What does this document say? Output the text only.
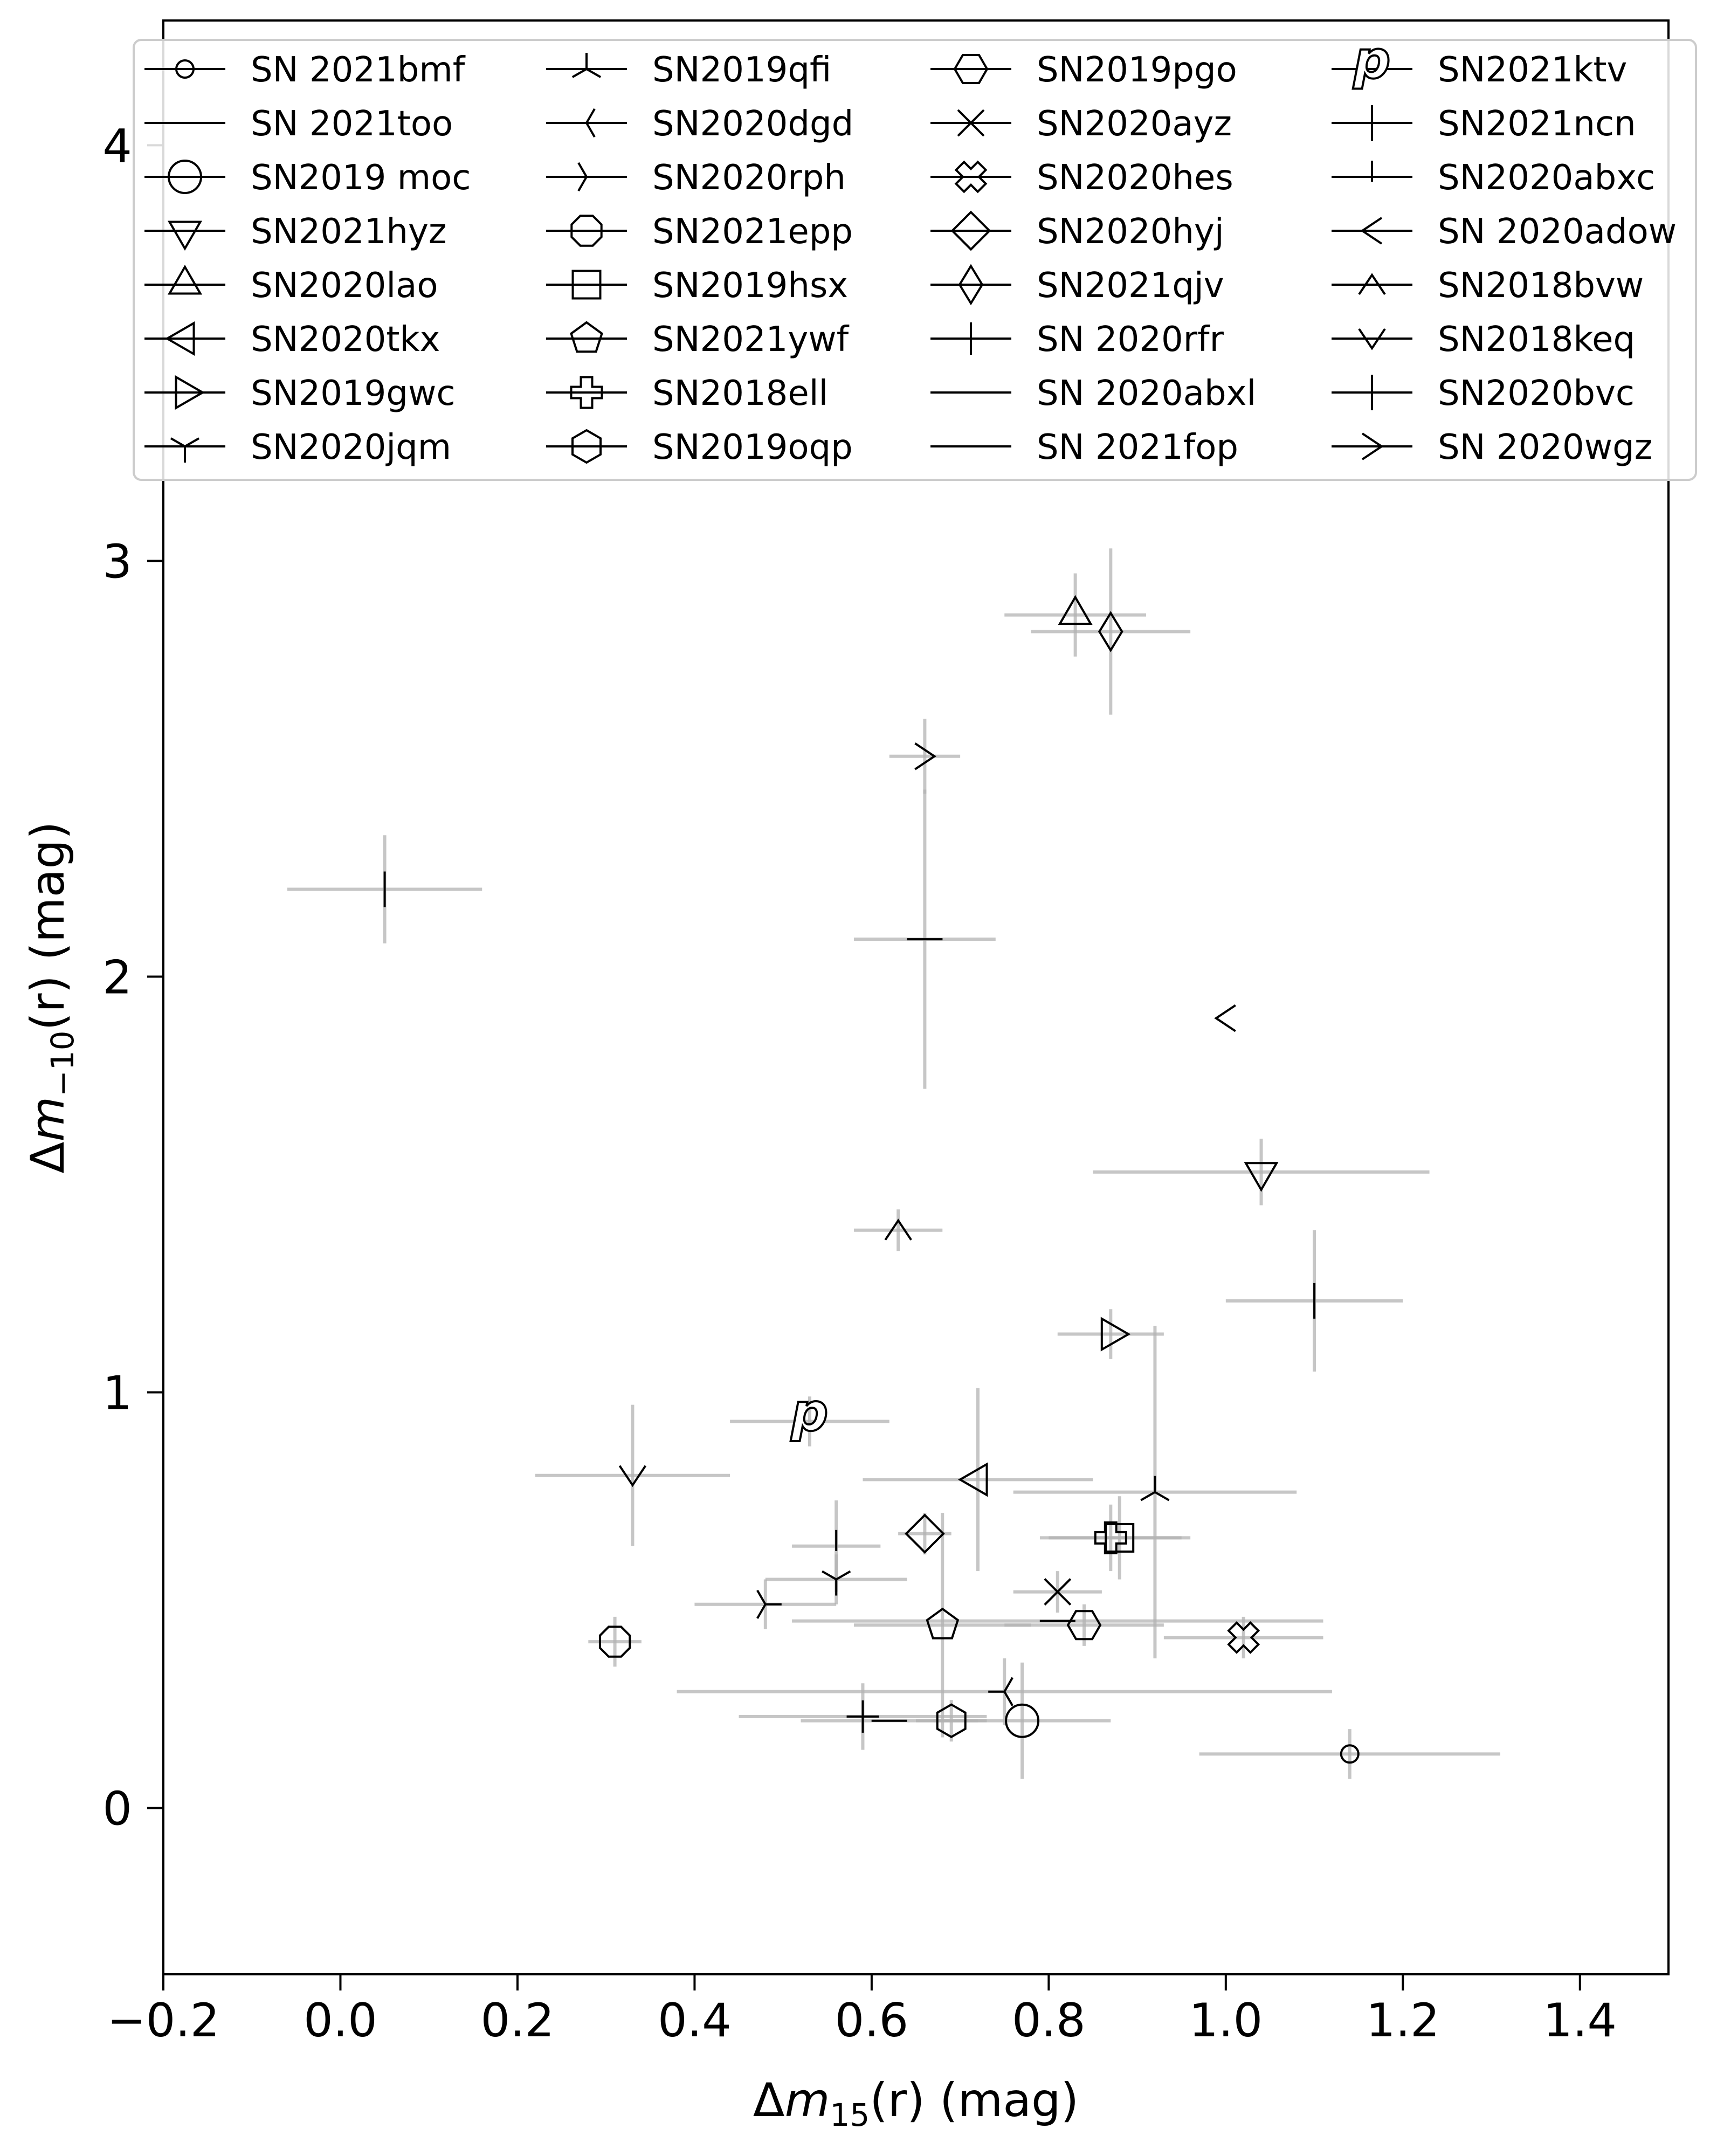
p
−0.2 0.0 0.2 0.4 0.6 0.8 1.0 1.2 1.4
0
1
2
3
4
SN 2021bmf
SN 2021too
SN2019 moc
SN2021hyz
SN2020lao
SN2020tkx
SN2019gwc
SN2020jqm
SN2019qfi
SN2020dgd
SN2020rph
SN2021epp
SN2019hsx
SN2021ywf
SN2018ell
SN2019oqp
SN2019pgo
SN2020ayz
SN2020hes
SN2020hyj
SN2021qjv
SN 2020rfr
SN 2020abxl
SN 2021fop
p SN2021ktv
SN2021ncn
SN2020abxc
SN 2020adow
SN2018bvw
SN2018keq
SN2020bvc
SN 2020wgz
$\Delta m_{15}(r)$ (mag)
$\Delta m_{-10}(r)$ (mag)
